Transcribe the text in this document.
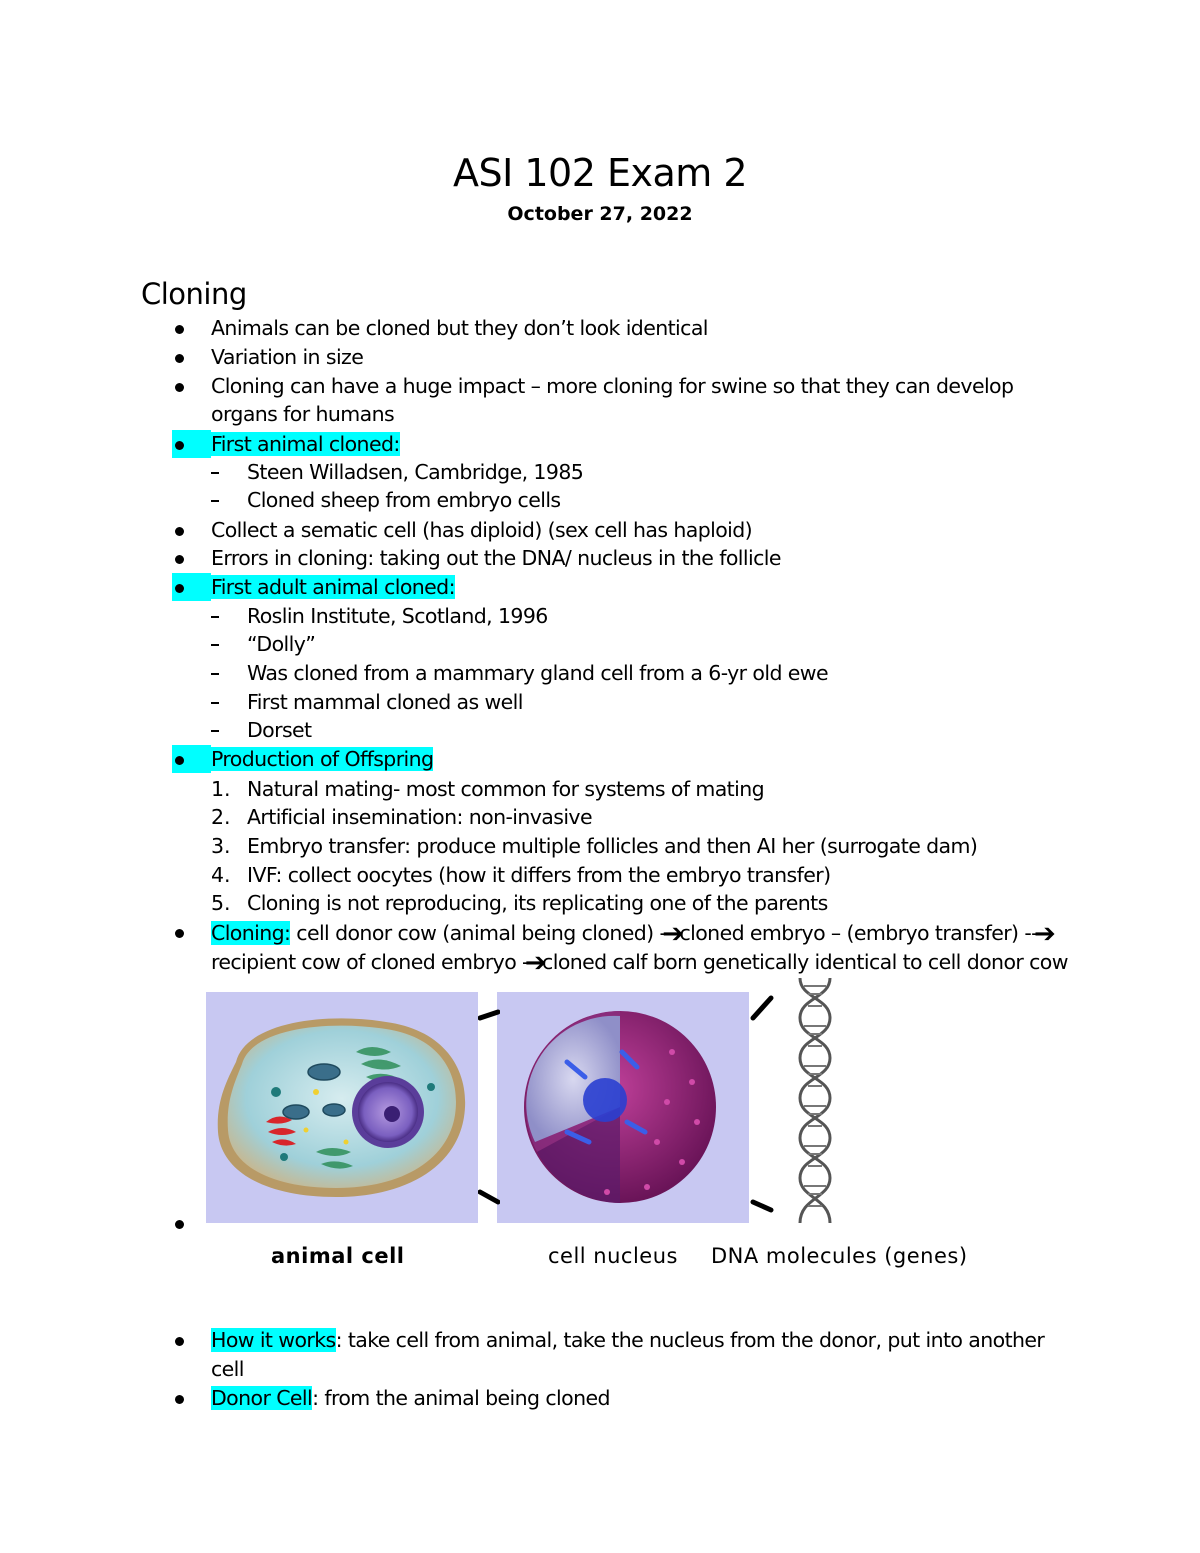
ASI 102 Exam 2

October 27, 2022

Cloning
Animals can be cloned but they don’t look identical
Variation in size
Cloning can have a huge impact – more cloning for swine so that they can develop
organs for humans
First animal cloned:
Steen Willadsen, Cambridge, 1985
Cloned sheep from embryo cells
Collect a sematic cell (has diploid) (sex cell has haploid)
Errors in cloning: taking out the DNA/ nucleus in the follicle
First adult animal cloned:
Roslin Institute, Scotland, 1996
“Dolly”
Was cloned from a mammary gland cell from a 6-yr old ewe
First mammal cloned as well
Dorset
Production of Offspring
1. Natural mating- most common for systems of mating
2. Artificial insemination: non-invasive
3. Embryo transfer: produce multiple follicles and then AI her (surrogate dam)
4. IVF: collect oocytes (how it differs from the embryo transfer)
5. Cloning is not reproducing, its replicating one of the parents
Cloning: cell donor cow (animal being cloned) -➔cloned embryo – (embryo transfer) --➔
recipient cow of cloned embryo -➔cloned calf born genetically identical to cell donor cow
animal cell	cell nucleus DNA molecules (genes)
How it works: take cell from animal, take the nucleus from the donor, put into another
cell
Donor Cell: from the animal being cloned
